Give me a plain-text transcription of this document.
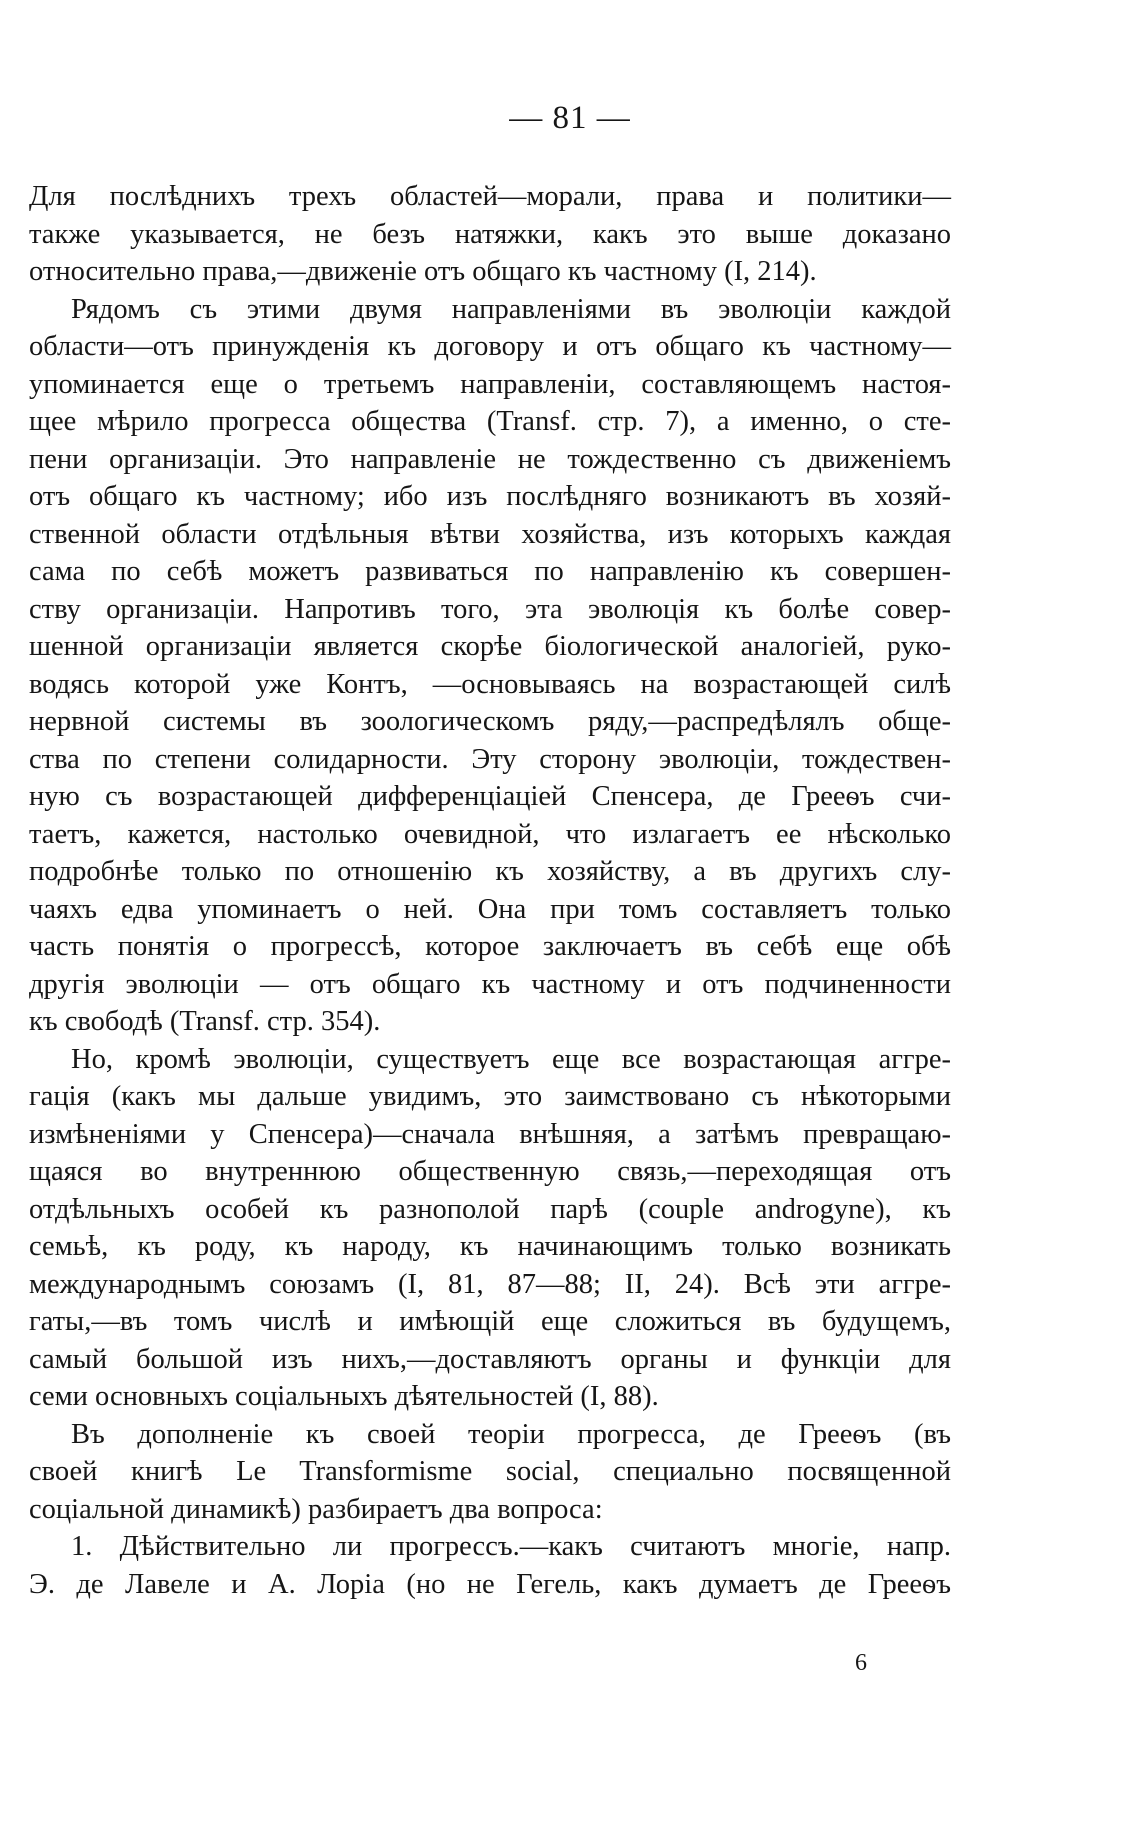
— 81 —
Для послѣднихъ трехъ областей—морали, права и политики—
также указывается, не безъ натяжки, какъ это выше доказано
относительно права,—движенiе отъ общаго къ частному (I, 214).
Рядомъ съ этими двумя направленiями въ эволюцiи каждой
области—отъ принужденiя къ договору и отъ общаго къ частному—
упоминается еще о третьемъ направленiи, составляющемъ настоя-
щее мѣрило прогресса общества (Transf. стр. 7), а именно, о сте-
пени организацiи. Это направленiе не тождественно съ движенiемъ
отъ общаго къ частному; ибо изъ послѣдняго возникаютъ въ хозяй-
ственной области отдѣльныя вѣтви хозяйства, изъ которыхъ каждая
сама по себѣ можетъ развиваться по направленiю къ совершен-
ству организацiи. Напротивъ того, эта эволюцiя къ болѣе совер-
шенной организацiи является скорѣе бiологической аналогiей, руко-
водясь которой уже Контъ, —основываясь на возрастающей силѣ
нервной системы въ зоологическомъ ряду,—распредѣлялъ обще-
ства по степени солидарности. Эту сторону эволюцiи, тождествен-
ную съ возрастающей дифференцiацiей Спенсера, де Грееѳъ счи-
таетъ, кажется, настолько очевидной, что излагаетъ ее нѣсколько
подробнѣе только по отношенiю къ хозяйству, а въ другихъ слу-
чаяхъ едва упоминаетъ о ней. Она при томъ составляетъ только
часть понятiя о прогрессѣ, которое заключаетъ въ себѣ еще обѣ
другiя эволюцiи — отъ общаго къ частному и отъ подчиненности
къ свободѣ (Transf. стр. 354).
Но, кромѣ эволюцiи, существуетъ еще все возрастающая аггре-
гацiя (какъ мы дальше увидимъ, это заимствовано съ нѣкоторыми
измѣненiями у Спенсера)—сначала внѣшняя, а затѣмъ превращаю-
щаяся во внутреннюю общественную связь,—переходящая отъ
отдѣльныхъ особей къ разнополой парѣ (couple androgyne), къ
семьѣ, къ роду, къ народу, къ начинающимъ только возникать
международнымъ союзамъ (I, 81, 87—88; II, 24). Всѣ эти аггре-
гаты,—въ томъ числѣ и имѣющiй еще сложиться въ будущемъ,
самый большой изъ нихъ,—доставляютъ органы и функцiи для
семи основныхъ соцiальныхъ дѣятельностей (I, 88).
Въ дополненiе къ своей теорiи прогресса, де Грееѳъ (въ
своей книгѣ Le Transformisme social, специально посвященной
соцiальной динамикѣ) разбираетъ два вопроса:
1. Дѣйствительно ли прогрессъ.—какъ считаютъ многiе, напр.
Э. де Лавеле и А. Лорiа (но не Гегель, какъ думаетъ де Грееѳъ
6
